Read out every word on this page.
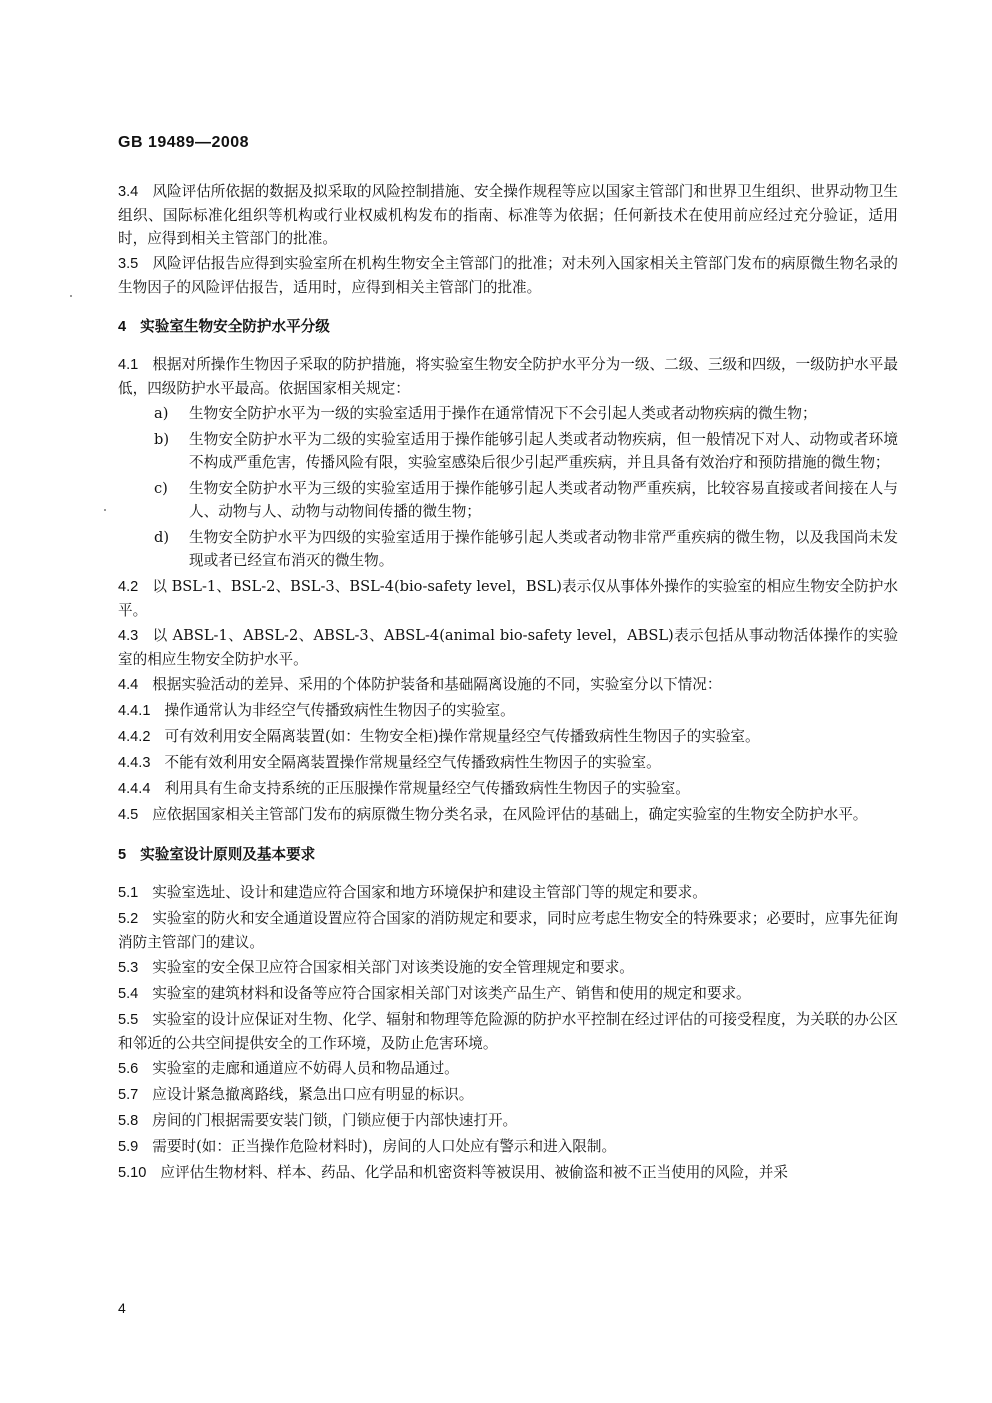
GB 19489—2008
3.4 风险评估所依据的数据及拟采取的风险控制措施、安全操作规程等应以国家主管部门和世界卫生组织、世界动物卫生组织、国际标准化组织等机构或行业权威机构发布的指南、标准等为依据；任何新技术在使用前应经过充分验证，适用时，应得到相关主管部门的批准。
3.5 风险评估报告应得到实验室所在机构生物安全主管部门的批准；对未列入国家相关主管部门发布的病原微生物名录的生物因子的风险评估报告，适用时，应得到相关主管部门的批准。
4 实验室生物安全防护水平分级
4.1 根据对所操作生物因子采取的防护措施，将实验室生物安全防护水平分为一级、二级、三级和四级，一级防护水平最低，四级防护水平最高。依据国家相关规定：
a) 生物安全防护水平为一级的实验室适用于操作在通常情况下不会引起人类或者动物疾病的微生物；
b) 生物安全防护水平为二级的实验室适用于操作能够引起人类或者动物疾病，但一般情况下对人、动物或者环境不构成严重危害，传播风险有限，实验室感染后很少引起严重疾病，并且具备有效治疗和预防措施的微生物；
c) 生物安全防护水平为三级的实验室适用于操作能够引起人类或者动物严重疾病，比较容易直接或者间接在人与人、动物与人、动物与动物间传播的微生物；
d) 生物安全防护水平为四级的实验室适用于操作能够引起人类或者动物非常严重疾病的微生物，以及我国尚未发现或者已经宣布消灭的微生物。
4.2 以 BSL-1、BSL-2、BSL-3、BSL-4(bio-safety level，BSL)表示仅从事体外操作的实验室的相应生物安全防护水平。
4.3 以 ABSL-1、ABSL-2、ABSL-3、ABSL-4(animal bio-safety level，ABSL)表示包括从事动物活体操作的实验室的相应生物安全防护水平。
4.4 根据实验活动的差异、采用的个体防护装备和基础隔离设施的不同，实验室分以下情况：
4.4.1 操作通常认为非经空气传播致病性生物因子的实验室。
4.4.2 可有效利用安全隔离装置(如：生物安全柜)操作常规量经空气传播致病性生物因子的实验室。
4.4.3 不能有效利用安全隔离装置操作常规量经空气传播致病性生物因子的实验室。
4.4.4 利用具有生命支持系统的正压服操作常规量经空气传播致病性生物因子的实验室。
4.5 应依据国家相关主管部门发布的病原微生物分类名录，在风险评估的基础上，确定实验室的生物安全防护水平。
5 实验室设计原则及基本要求
5.1 实验室选址、设计和建造应符合国家和地方环境保护和建设主管部门等的规定和要求。
5.2 实验室的防火和安全通道设置应符合国家的消防规定和要求，同时应考虑生物安全的特殊要求；必要时，应事先征询消防主管部门的建议。
5.3 实验室的安全保卫应符合国家相关部门对该类设施的安全管理规定和要求。
5.4 实验室的建筑材料和设备等应符合国家相关部门对该类产品生产、销售和使用的规定和要求。
5.5 实验室的设计应保证对生物、化学、辐射和物理等危险源的防护水平控制在经过评估的可接受程度，为关联的办公区和邻近的公共空间提供安全的工作环境，及防止危害环境。
5.6 实验室的走廊和通道应不妨碍人员和物品通过。
5.7 应设计紧急撤离路线，紧急出口应有明显的标识。
5.8 房间的门根据需要安装门锁，门锁应便于内部快速打开。
5.9 需要时(如：正当操作危险材料时)，房间的人口处应有警示和进入限制。
5.10 应评估生物材料、样本、药品、化学品和机密资料等被误用、被偷盗和被不正当使用的风险，并采
4
